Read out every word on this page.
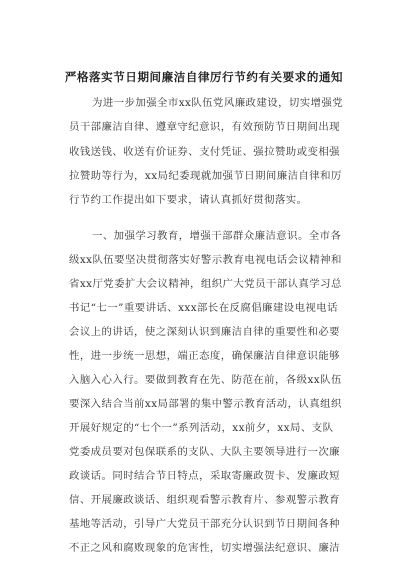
严格落实节日期间廉洁自律厉行节约有关要求的通知
为进一步加强全市xx队伍党风廉政建设，切实增强党
员干部廉洁自律、遵章守纪意识，有效预防节日期间出现
收钱送钱、收送有价证券、支付凭证、强拉赞助或变相强
拉赞助等行为，xx局纪委现就加强节日期间廉洁自律和厉
行节约工作提出如下要求，请认真抓好贯彻落实。
一、加强学习教育，增强干部群众廉洁意识。全市各
级xx队伍要坚决贯彻落实好警示教育电视电话会议精神和
省xx厅党委扩大会议精神，组织广大党员干部认真学习总
书记“七一”重要讲话、xxx部长在反腐倡廉建设电视电话
会议上的讲话，使之深刻认识到廉洁自律的重要性和必要
性，进一步统一思想，端正态度，确保廉洁自律意识能够
入脑入心入行。要做到教育在先、防范在前，各级xx队伍
要深入结合当前xx局部署的集中警示教育活动，认真组织
开展好规定的“七个一”系列活动，xx前夕，xx局、支队
党委成员要对包保联系的支队、大队主要领导进行一次廉
政谈话。同时结合节日特点，采取寄廉政贺卡、发廉政短
信、开展廉政谈话、组织观看警示教育片、参观警示教育
基地等活动，引导广大党员干部充分认识到节日期间各种
不正之风和腐败现象的危害性，切实增强法纪意识、廉洁
